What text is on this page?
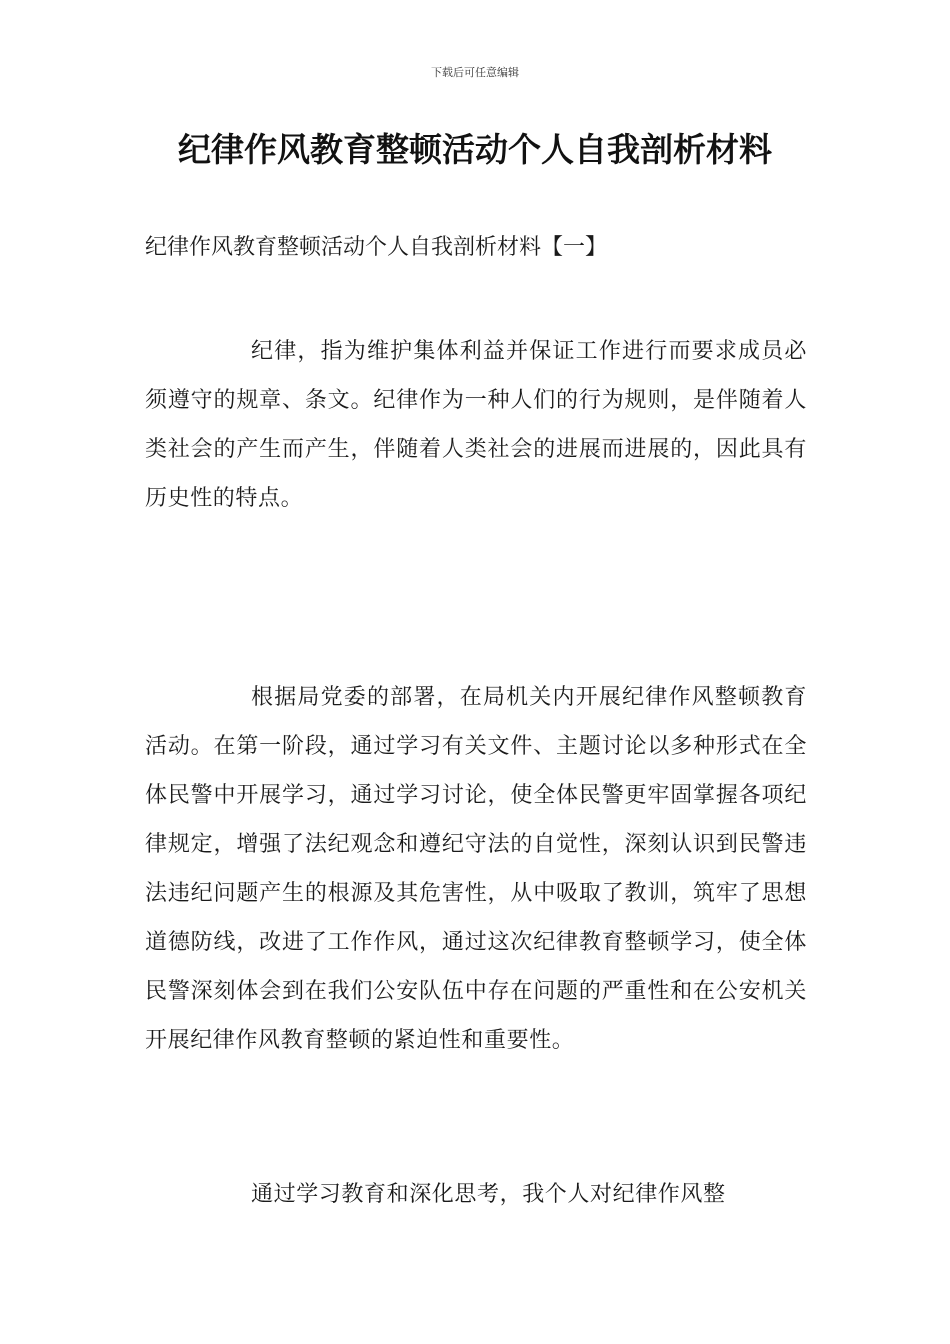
下载后可任意编辑
纪律作风教育整顿活动个人自我剖析材料

纪律作风教育整顿活动个人自我剖析材料【一】

纪律，指为维护集体利益并保证工作进行而要求成员必须遵守的规章、条文。纪律作为一种人们的行为规则，是伴随着人类社会的产生而产生，伴随着人类社会的进展而进展的，因此具有历史性的特点。

根据局党委的部署，在局机关内开展纪律作风整顿教育活动。在第一阶段，通过学习有关文件、主题讨论以多种形式在全体民警中开展学习，通过学习讨论，使全体民警更牢固掌握各项纪律规定，增强了法纪观念和遵纪守法的自觉性，深刻认识到民警违法违纪问题产生的根源及其危害性，从中吸取了教训，筑牢了思想道德防线，改进了工作作风，通过这次纪律教育整顿学习，使全体民警深刻体会到在我们公安队伍中存在问题的严重性和在公安机关开展纪律作风教育整顿的紧迫性和重要性。

通过学习教育和深化思考，我个人对纪律作风整
